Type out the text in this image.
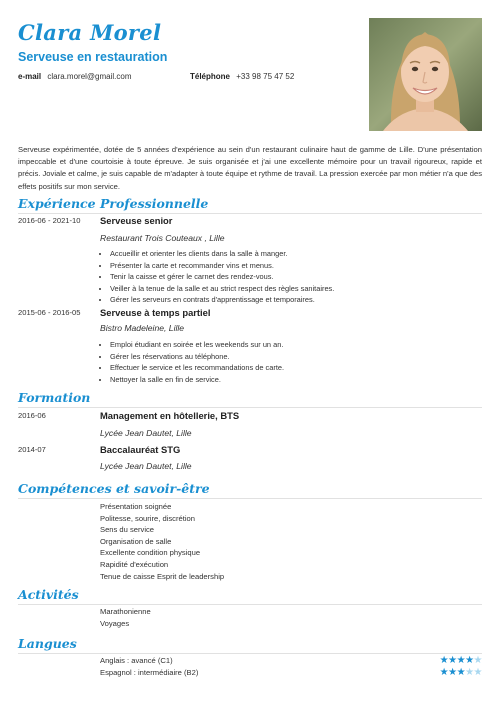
Clara Morel
Serveuse en restauration
e-mail clara.morel@gmail.com	Téléphone +33 98 75 47 52
Serveuse expérimentée, dotée de 5 années d'expérience au sein d'un restaurant culinaire haut de gamme de Lille. D'une présentation impeccable et d'une courtoisie à toute épreuve. Je suis organisée et j'ai une excellente mémoire pour un travail rigoureux, rapide et précis. Joviale et calme, je suis capable de m'adapter à toute équipe et rythme de travail. La pression exercée par mon métier n'a que des effets positifs sur mon service.
Expérience Professionnelle
2016-06 - 2021-10 Serveuse senior
Restaurant Trois Couteaux , Lille
• Accueillir et orienter les clients dans la salle à manger.
• Présenter la carte et recommander vins et menus.
• Tenir la caisse et gérer le carnet des rendez-vous.
• Veiller à la tenue de la salle et au strict respect des règles sanitaires.
• Gérer les serveurs en contrats d'apprentissage et temporaires.
2015-06 - 2016-05 Serveuse à temps partiel
Bistro Madeleine, Lille
• Emploi étudiant en soirée et les weekends sur un an.
• Gérer les réservations au téléphone.
• Effectuer le service et les recommandations de carte.
• Nettoyer la salle en fin de service.
Formation
2016-06	Management en hôtellerie, BTS
Lycée Jean Dautet, Lille
2014-07	Baccalauréat STG
Lycée Jean Dautet, Lille
Compétences et savoir-être
Présentation soignée
Politesse, sourire, discrétion
Sens du service
Organisation de salle
Excellente condition physique
Rapidité d'exécution
Tenue de caisse Esprit de leadership
Activités
Marathonienne
Voyages
Langues
Anglais : avancé (C1)	★★★★★
Espagnol : intermédiaire (B2)	★★★★★
